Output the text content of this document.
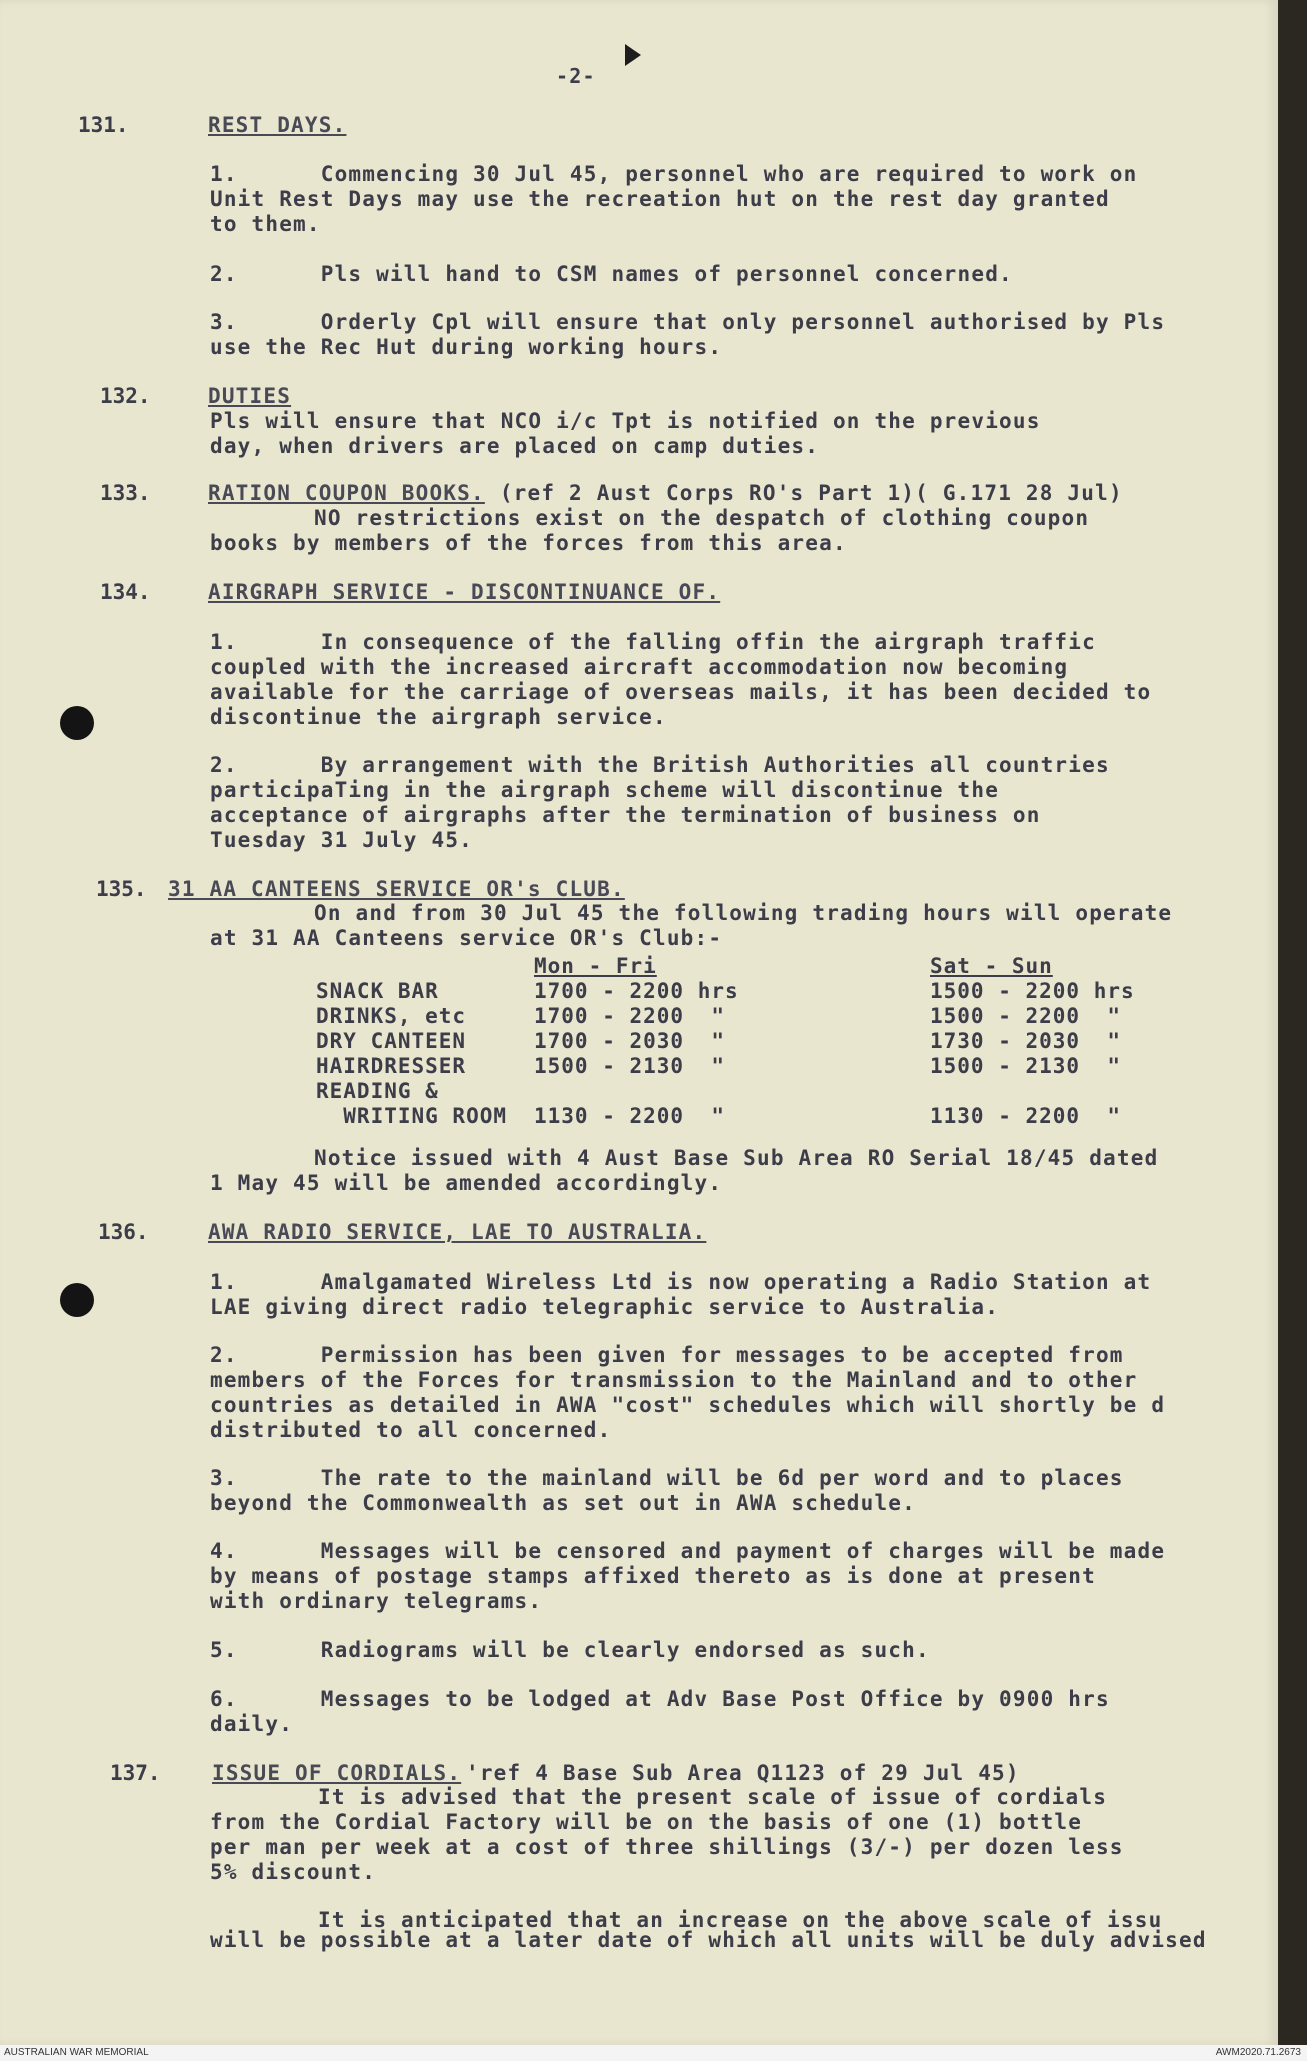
-2-
131.	REST DAYS.
1.      Commencing 30 Jul 45, personnel who are required to work on
Unit Rest Days may use the recreation hut on the rest day granted
to them.
2.      Pls will hand to CSM names of personnel concerned.
3.      Orderly Cpl will ensure that only personnel authorised by Pls
use the Rec Hut during working hours.
132.	DUTIES
Pls will ensure that NCO i/c Tpt is notified on the previous
day, when drivers are placed on camp duties.
133.	RATION COUPON BOOKS. (ref 2 Aust Corps RO's Part 1)( G.171 28 Jul)
NO restrictions exist on the despatch of clothing coupon
books by members of the forces from this area.
134.	AIRGRAPH SERVICE - DISCONTINUANCE OF.
1.      In consequence of the falling offin the airgraph traffic
coupled with the increased aircraft accommodation now becoming
available for the carriage of overseas mails, it has been decided to
discontinue the airgraph service.
2.      By arrangement with the British Authorities all countries
participaTing in the airgraph scheme will discontinue the
acceptance of airgraphs after the termination of business on
Tuesday 31 July 45.
135. 31 AA CANTEENS SERVICE OR's CLUB.
On and from 30 Jul 45 the following trading hours will operate
at 31 AA Canteens service OR's Club:-
Mon - Fri	Sat - Sun
SNACK BAR	1700 - 2200 hrs	1500 - 2200 hrs
DRINKS, etc	1700 - 2200  "	1500 - 2200  "
DRY CANTEEN	1700 - 2030  "	1730 - 2030  "
HAIRDRESSER	1500 - 2130  "	1500 - 2130  "
READING &
WRITING ROOM 1130 - 2200  "	1130 - 2200  "
Notice issued with 4 Aust Base Sub Area RO Serial 18/45 dated
1 May 45 will be amended accordingly.
136.	AWA RADIO SERVICE, LAE TO AUSTRALIA.
1.      Amalgamated Wireless Ltd is now operating a Radio Station at
LAE giving direct radio telegraphic service to Australia.
2.      Permission has been given for messages to be accepted from
members of the Forces for transmission to the Mainland and to other
countries as detailed in AWA "cost" schedules which will shortly be d
distributed to all concerned.
3.      The rate to the mainland will be 6d per word and to places
beyond the Commonwealth as set out in AWA schedule.
4.      Messages will be censored and payment of charges will be made
by means of postage stamps affixed thereto as is done at present
with ordinary telegrams.
5.      Radiograms will be clearly endorsed as such.
6.      Messages to be lodged at Adv Base Post Office by 0900 hrs
daily.
137. ISSUE OF CORDIALS. 'ref 4 Base Sub Area Q1123 of 29 Jul 45)
It is advised that the present scale of issue of cordials
from the Cordial Factory will be on the basis of one (1) bottle
per man per week at a cost of three shillings (3/-) per dozen less
5% discount.
It is anticipated that an increase on the above scale of issu
will be possible at a later date of which all units will be duly advised
AUSTRALIAN WAR MEMORIAL	AWM2020.71.2673
